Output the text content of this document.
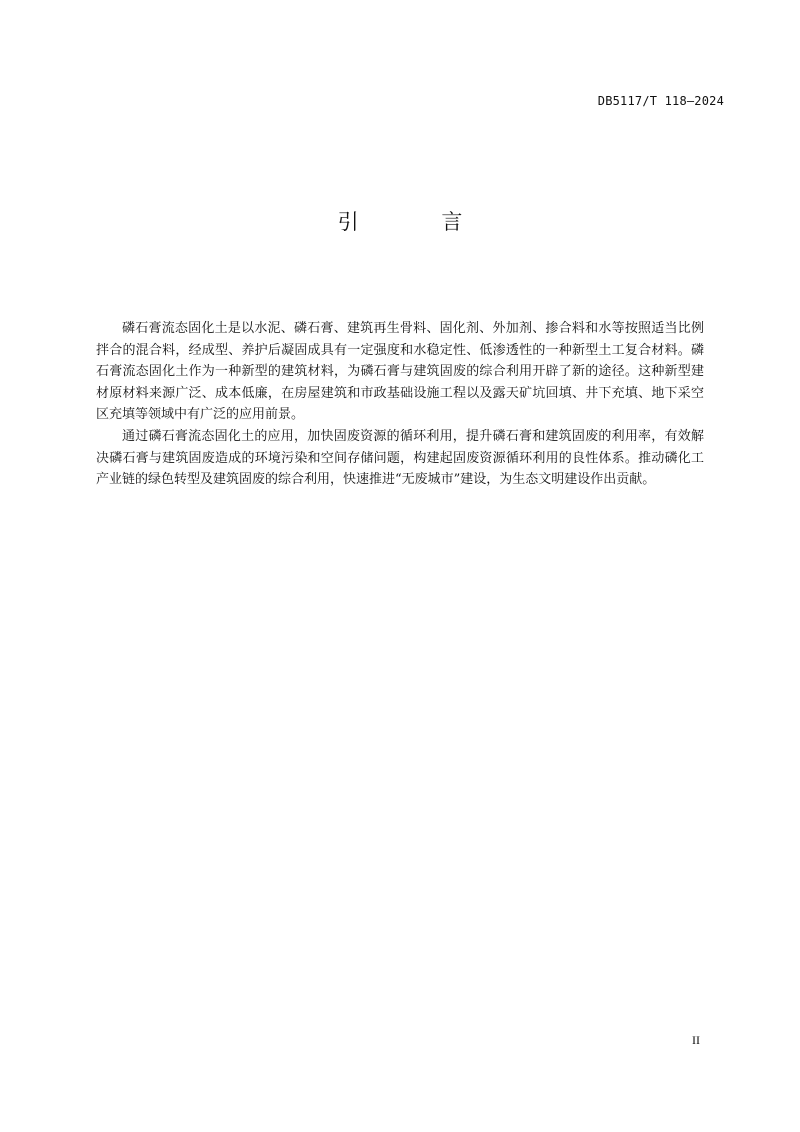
DB5117/T 118—2024
引 言

磷石膏流态固化土是以水泥、磷石膏、建筑再生骨料、固化剂、外加剂、掺合料和水等按照适当比例拌合的混合料，经成型、养护后凝固成具有一定强度和水稳定性、低渗透性的一种新型土工复合材料。磷石膏流态固化土作为一种新型的建筑材料，为磷石膏与建筑固废的综合利用开辟了新的途径。这种新型建材原材料来源广泛、成本低廉，在房屋建筑和市政基础设施工程以及露天矿坑回填、井下充填、地下采空区充填等领域中有广泛的应用前景。

通过磷石膏流态固化土的应用，加快固废资源的循环利用，提升磷石膏和建筑固废的利用率，有效解决磷石膏与建筑固废造成的环境污染和空间存储问题，构建起固废资源循环利用的良性体系。推动磷化工产业链的绿色转型及建筑固废的综合利用，快速推进“无废城市”建设，为生态文明建设作出贡献。

II
